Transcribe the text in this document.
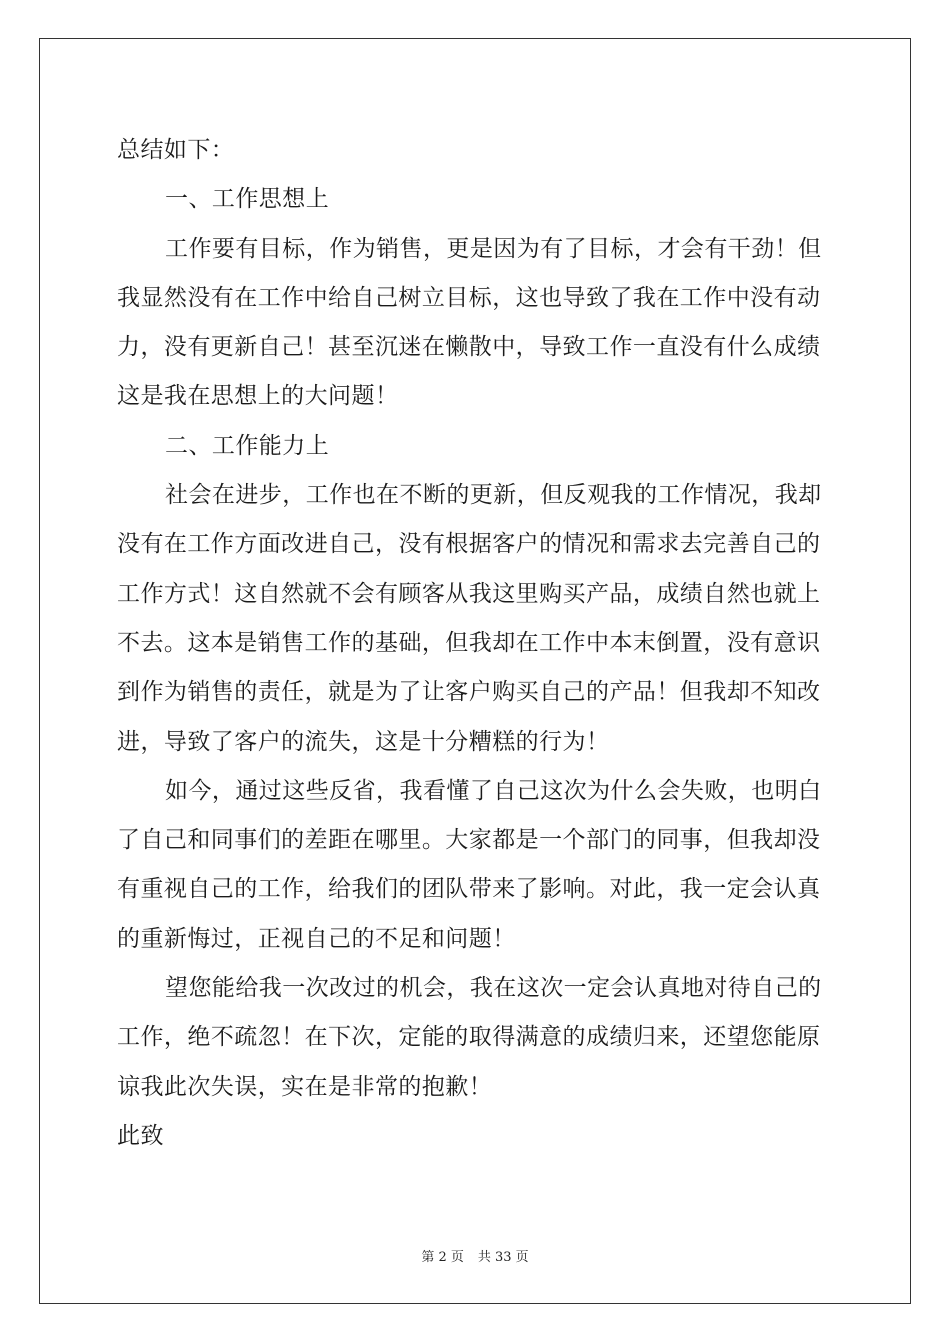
总结如下：
一、工作思想上
工作要有目标，作为销售，更是因为有了目标，才会有干劲！但
我显然没有在工作中给自己树立目标，这也导致了我在工作中没有动
力，没有更新自己！甚至沉迷在懒散中，导致工作一直没有什么成绩
这是我在思想上的大问题！
二、工作能力上
社会在进步，工作也在不断的更新，但反观我的工作情况，我却
没有在工作方面改进自己，没有根据客户的情况和需求去完善自己的
工作方式！这自然就不会有顾客从我这里购买产品，成绩自然也就上
不去。这本是销售工作的基础，但我却在工作中本末倒置，没有意识
到作为销售的责任，就是为了让客户购买自己的产品！但我却不知改
进，导致了客户的流失，这是十分糟糕的行为！
如今，通过这些反省，我看懂了自己这次为什么会失败，也明白
了自己和同事们的差距在哪里。大家都是一个部门的同事，但我却没
有重视自己的工作，给我们的团队带来了影响。对此，我一定会认真
的重新悔过，正视自己的不足和问题！
望您能给我一次改过的机会，我在这次一定会认真地对待自己的
工作，绝不疏忽！在下次，定能的取得满意的成绩归来，还望您能原
谅我此次失误，实在是非常的抱歉！
此致
第 2 页 共 33 页
